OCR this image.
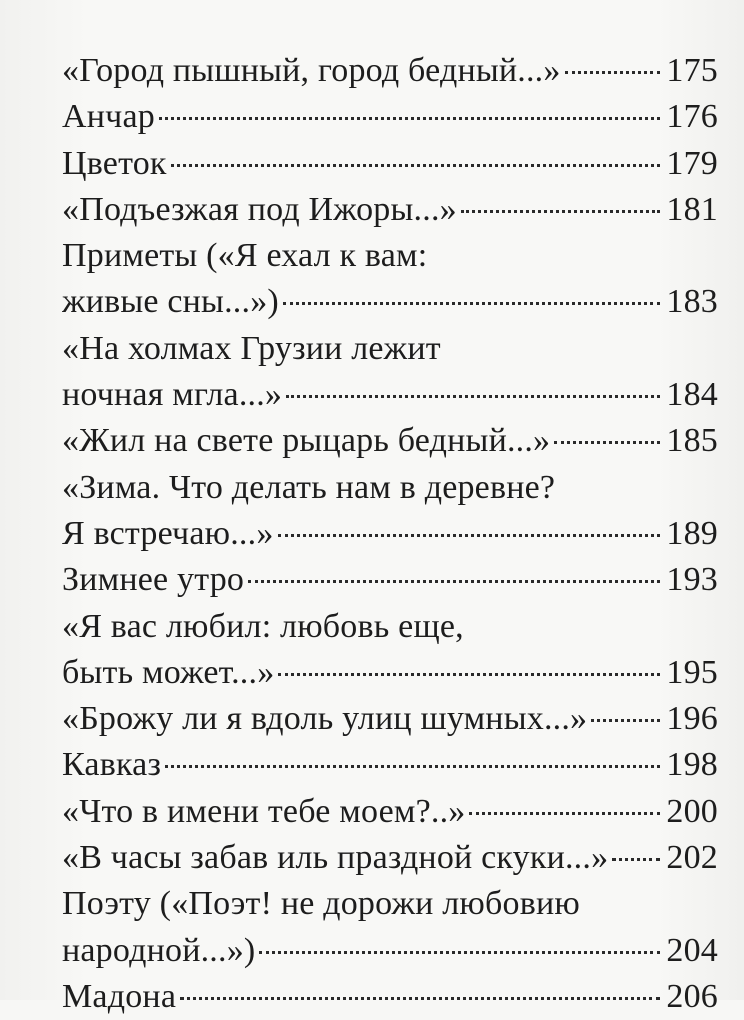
«Город пышный, город бедный...»	175
Анчар	176
Цветок	179
«Подъезжая под Ижоры...»	181
Приметы («Я ехал к вам:
живые сны...»)	183
«На холмах Грузии лежит
ночная мгла...»	184
«Жил на свете рыцарь бедный...»	185
«Зима. Что делать нам в деревне?
Я встречаю...»	189
Зимнее утро	193
«Я вас любил: любовь еще,
быть может...»	195
«Брожу ли я вдоль улиц шумных...» 196
Кавказ	198
«Что в имени тебе моем?..»	200
«В часы забав иль праздной скуки...» 202
Поэту («Поэт! не дорожи любовию
народной...»)	204
Мадона	206
